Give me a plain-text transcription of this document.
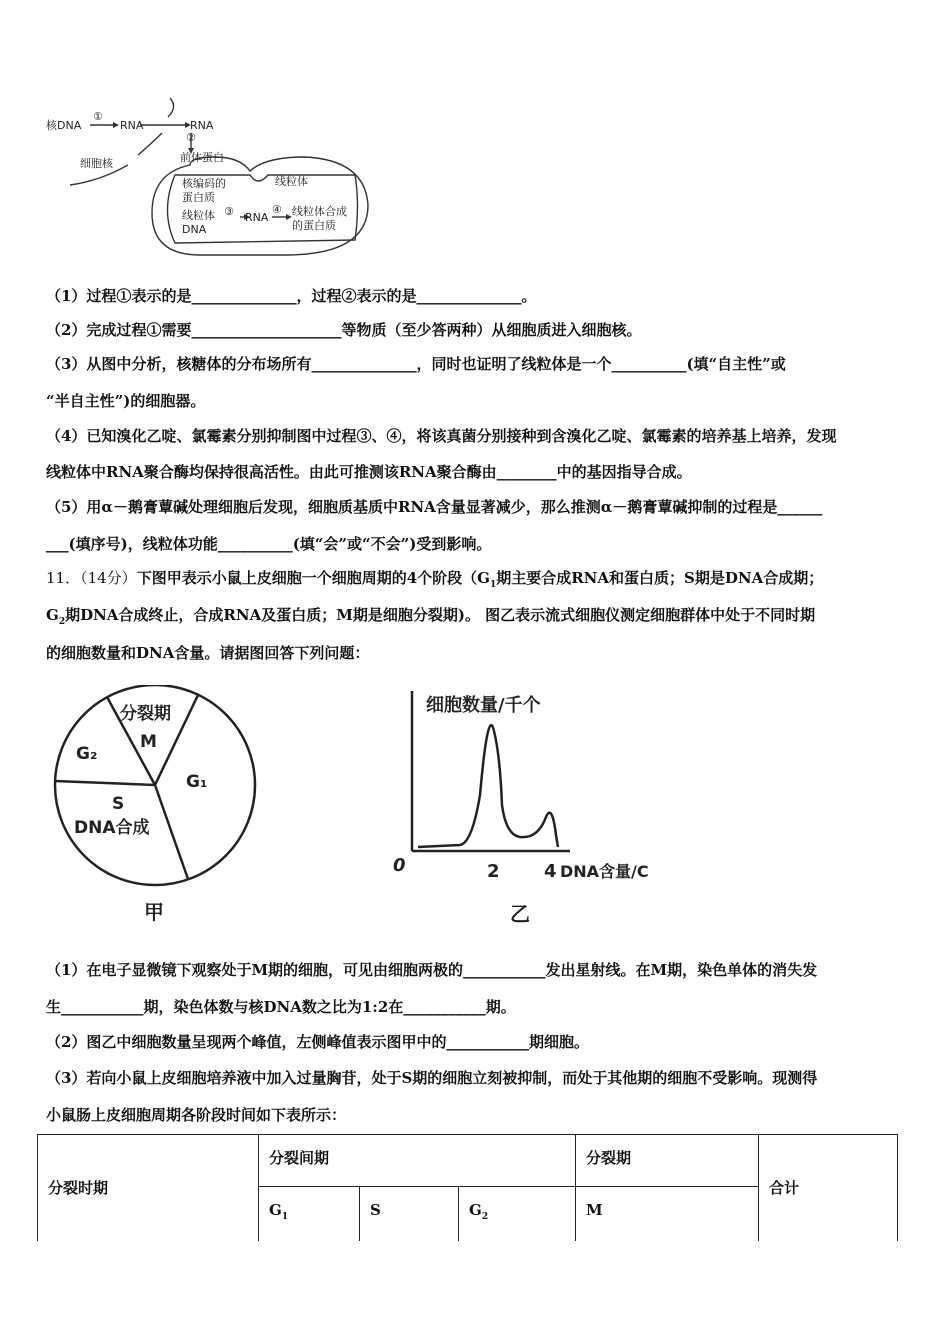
核DNA
①
RNA	RNA
②
前体蛋白
细胞核
线粒体
核编码的
蛋白质
线粒体
DNA
③ RNA
④ 线粒体合成
的蛋白质
（1）过程①表示的是______________，过程②表示的是______________。
（2）完成过程①需要____________________等物质（至少答两种）从细胞质进入细胞核。
（3）从图中分析，核糖体的分布场所有______________，同时也证明了线粒体是一个__________(填“自主性”或
“半自主性”)的细胞器。
（4）已知溴化乙啶、氯霉素分别抑制图中过程③、④，将该真菌分别接种到含溴化乙啶、氯霉素的培养基上培养，发现
线粒体中RNA聚合酶均保持很高活性。由此可推测该RNA聚合酶由________中的基因指导合成。
（5）用α－鹅膏蕈碱处理细胞后发现，细胞质基质中RNA含量显著减少，那么推测α－鹅膏蕈碱抑制的过程是______
___(填序号)，线粒体功能__________(填“会”或“不会”)受到影响。
11．（14分）下图甲表示小鼠上皮细胞一个细胞周期的4个阶段（$G_1$期主要合成RNA和蛋白质；S期是DNA合成期；
$G_2$期DNA合成终止，合成RNA及蛋白质；M期是细胞分裂期)。 图乙表示流式细胞仪测定细胞群体中处于不同时期
的细胞数量和DNA含量。请据图回答下列问题：
分裂期
M
G₂
G₁
S
DNA合成
甲
细胞数量/千个
0	2 4 DNA含量/C
乙
（1）在电子显微镜下观察处于M期的细胞，可见由细胞两极的___________发出星射线。在M期，染色单体的消失发
生___________期，染色体数与核DNA数之比为1:2在___________期。
（2）图乙中细胞数量呈现两个峰值，左侧峰值表示图甲中的___________期细胞。
（3）若向小鼠上皮细胞培养液中加入过量胸苷，处于S期的细胞立刻被抑制，而处于其他期的细胞不受影响。现测得
小鼠肠上皮细胞周期各阶段时间如下表所示：
分裂时期	分裂间期			分裂期	合计
	$G_1$	S	$G_2$	M	
